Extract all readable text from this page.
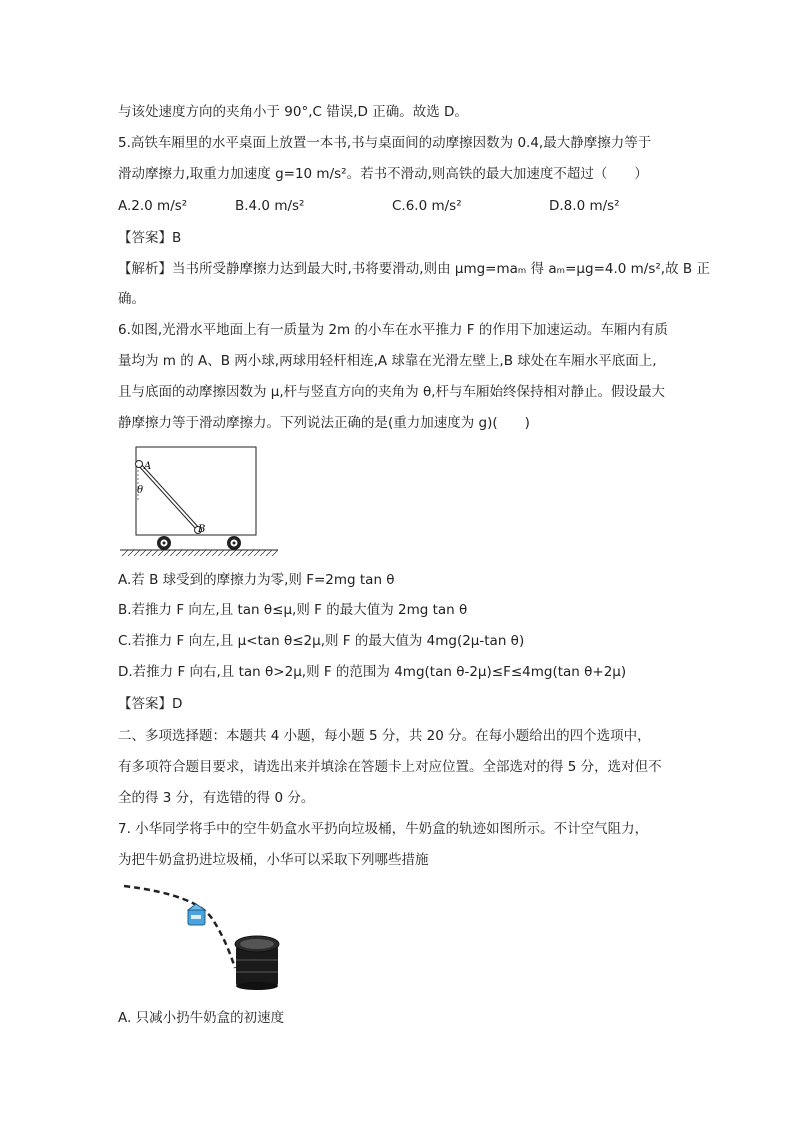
与该处速度方向的夹角小于 90°,C 错误,D 正确。故选 D。
5.高铁车厢里的水平桌面上放置一本书,书与桌面间的动摩擦因数为 0.4,最大静摩擦力等于
滑动摩擦力,取重力加速度 g=10 m/s²。若书不滑动,则高铁的最大加速度不超过（　　）
A.2.0 m/s²	B.4.0 m/s²	C.6.0 m/s²	D.8.0 m/s²
【答案】B
【解析】当书所受静摩擦力达到最大时,书将要滑动,则由 μmg=maₘ 得 aₘ=μg=4.0 m/s²,故 B 正
确。
6.如图,光滑水平地面上有一质量为 2m 的小车在水平推力 F 的作用下加速运动。车厢内有质
量均为 m 的 A、B 两小球,两球用轻杆相连,A 球靠在光滑左壁上,B 球处在车厢水平底面上,
且与底面的动摩擦因数为 μ,杆与竖直方向的夹角为 θ,杆与车厢始终保持相对静止。假设最大
静摩擦力等于滑动摩擦力。下列说法正确的是(重力加速度为 g)(　　)
A
θ
B
A.若 B 球受到的摩擦力为零,则 F=2mg tan θ
B.若推力 F 向左,且 tan θ≤μ,则 F 的最大值为 2mg tan θ
C.若推力 F 向左,且 μ<tan θ≤2μ,则 F 的最大值为 4mg(2μ-tan θ)
D.若推力 F 向右,且 tan θ>2μ,则 F 的范围为 4mg(tan θ-2μ)≤F≤4mg(tan θ+2μ)
【答案】D
二、多项选择题：本题共 4 小题，每小题 5 分，共 20 分。在每小题给出的四个选项中，
有多项符合题目要求，请选出来并填涂在答题卡上对应位置。全部选对的得 5 分，选对但不
全的得 3 分，有选错的得 0 分。
7. 小华同学将手中的空牛奶盒水平扔向垃圾桶，牛奶盒的轨迹如图所示。不计空气阻力，
为把牛奶盒扔进垃圾桶，小华可以采取下列哪些措施
A. 只减小扔牛奶盒的初速度
